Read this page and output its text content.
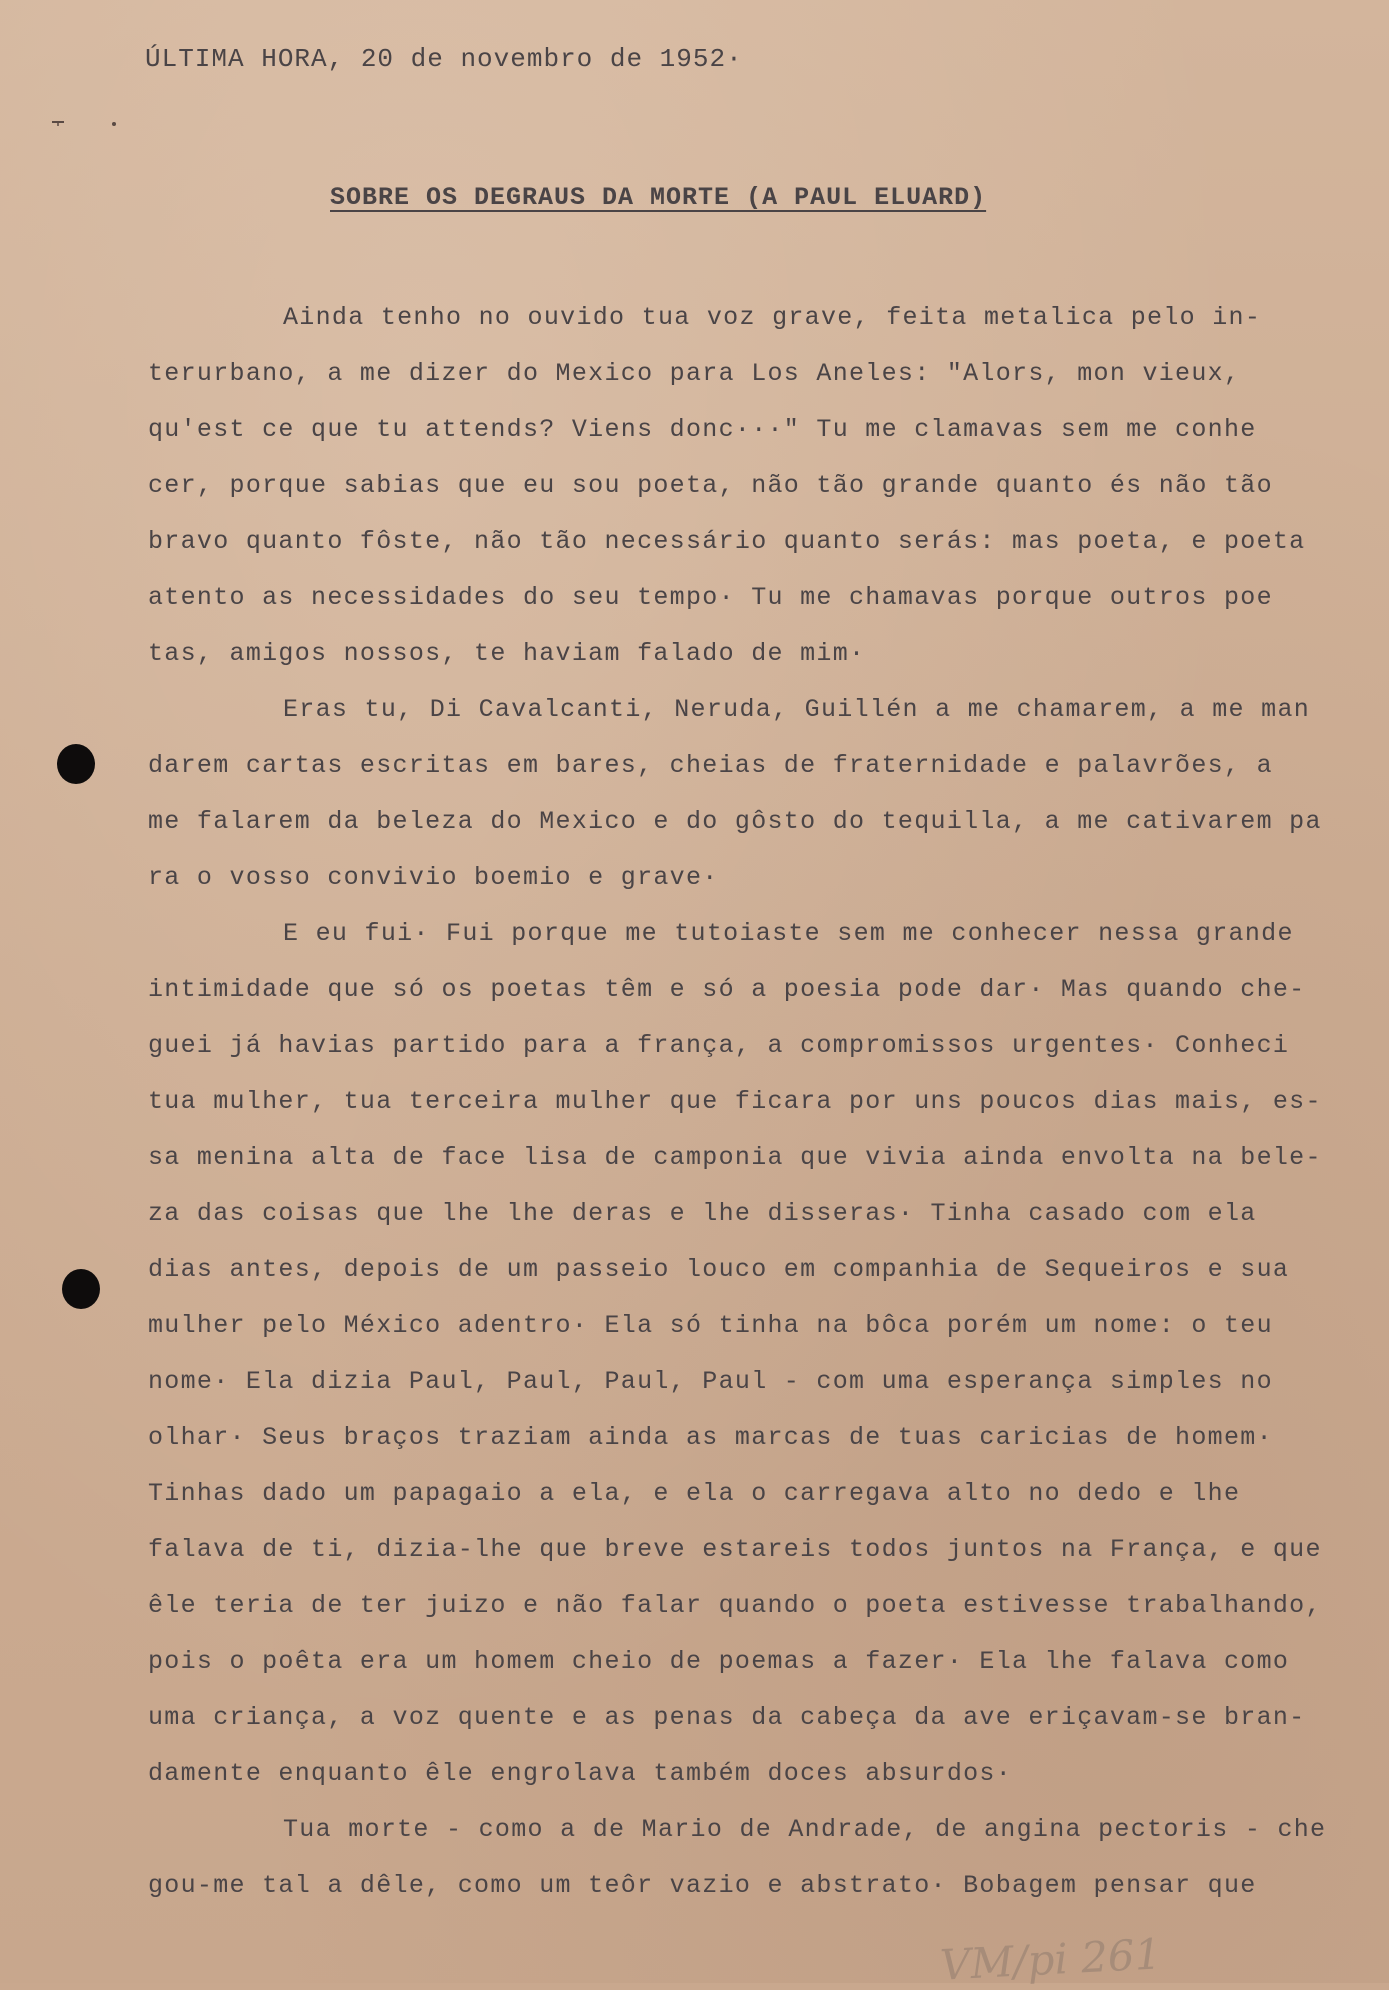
ÚLTIMA HORA, 20 de novembro de 1952·

SOBRE OS DEGRAUS DA MORTE (A PAUL ELUARD)
Ainda tenho no ouvido tua voz grave, feita metalica pelo in-
terurbano, a me dizer do Mexico para Los Aneles: "Alors, mon vieux,
qu'est ce que tu attends? Viens donc···" Tu me clamavas sem me conhe
cer, porque sabias que eu sou poeta, não tão grande quanto és não tão
bravo quanto fôste, não tão necessário quanto serás: mas poeta, e poeta
atento as necessidades do seu tempo· Tu me chamavas porque outros poe
tas, amigos nossos, te haviam falado de mim·
Eras tu, Di Cavalcanti, Neruda, Guillén a me chamarem, a me man
darem cartas escritas em bares, cheias de fraternidade e palavrões, a
me falarem da beleza do Mexico e do gôsto do tequilla, a me cativarem pa
ra o vosso convivio boemio e grave·
E eu fui· Fui porque me tutoiaste sem me conhecer nessa grande
intimidade que só os poetas têm e só a poesia pode dar· Mas quando che-
guei já havias partido para a frança, a compromissos urgentes· Conheci
tua mulher, tua terceira mulher que ficara por uns poucos dias mais, es-
sa menina alta de face lisa de camponia que vivia ainda envolta na bele-
za das coisas que lhe lhe deras e lhe disseras· Tinha casado com ela
dias antes, depois de um passeio louco em companhia de Sequeiros e sua
mulher pelo México adentro· Ela só tinha na bôca porém um nome: o teu
nome· Ela dizia Paul, Paul, Paul, Paul - com uma esperança simples no
olhar· Seus braços traziam ainda as marcas de tuas caricias de homem·
Tinhas dado um papagaio a ela, e ela o carregava alto no dedo e lhe
falava de ti, dizia-lhe que breve estareis todos juntos na França, e que
êle teria de ter juizo e não falar quando o poeta estivesse trabalhando,
pois o poêta era um homem cheio de poemas a fazer· Ela lhe falava como
uma criança, a voz quente e as penas da cabeça da ave eriçavam-se bran-
damente enquanto êle engrolava também doces absurdos·
Tua morte - como a de Mario de Andrade, de angina pectoris - che
gou-me tal a dêle, como um teôr vazio e abstrato· Bobagem pensar que

VM/pi 261
